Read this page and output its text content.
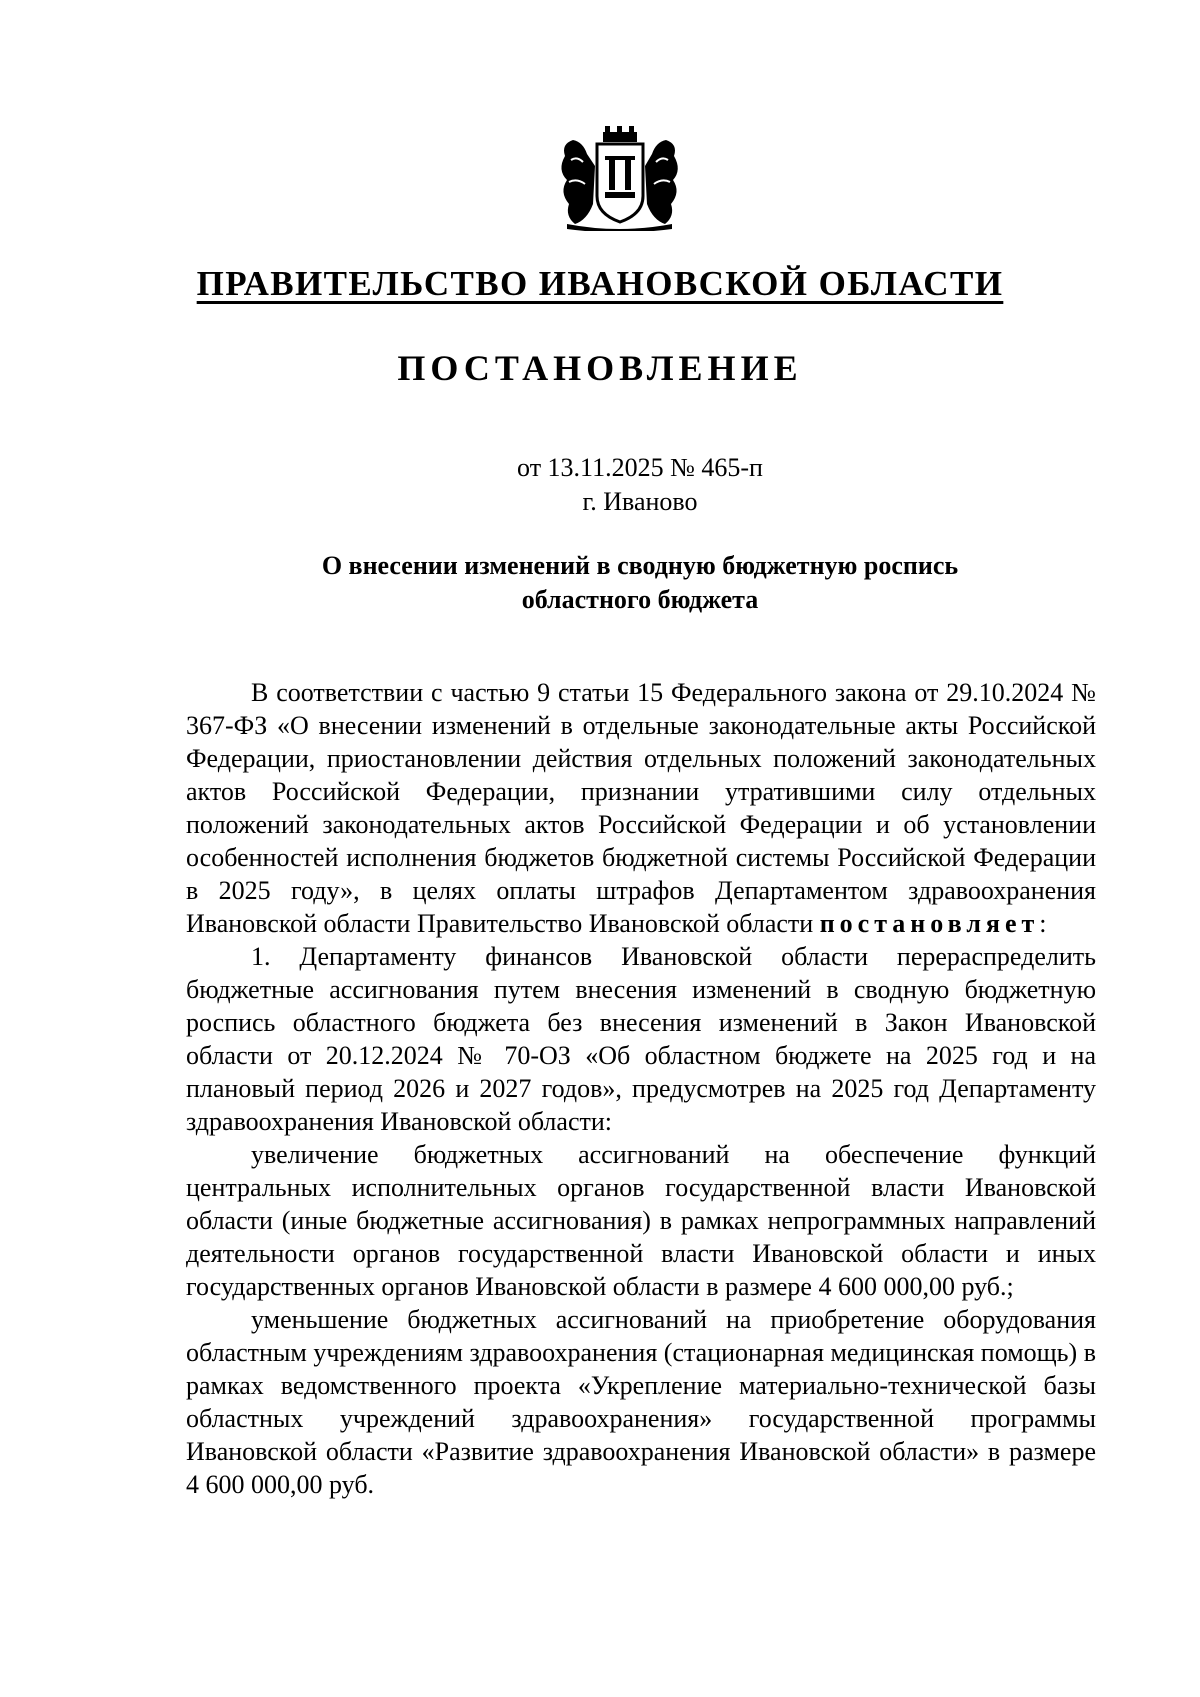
ПРАВИТЕЛЬСТВО ИВАНОВСКОЙ ОБЛАСТИ
ПОСТАНОВЛЕНИЕ
от 13.11.2025 № 465-п
г. Иваново
О внесении изменений в сводную бюджетную роспись
областного бюджета

В соответствии с частью 9 статьи 15 Федерального закона от 29.10.2024 № 367-ФЗ «О внесении изменений в отдельные законодательные акты Российской Федерации, приостановлении действия отдельных положений законодательных актов Российской Федерации, признании утратившими силу отдельных положений законодательных актов Российской Федерации и об установлении особенностей исполнения бюджетов бюджетной системы Российской Федерации в 2025 году», в целях оплаты штрафов Департаментом здравоохранения Ивановской области Правительство Ивановской области постановляет:

1. Департаменту финансов Ивановской области перераспределить бюджетные ассигнования путем внесения изменений в сводную бюджетную роспись областного бюджета без внесения изменений в Закон Ивановской области от 20.12.2024 № 70-ОЗ «Об областном бюджете на 2025 год и на плановый период 2026 и 2027 годов», предусмотрев на 2025 год Департаменту здравоохранения Ивановской области:

увеличение бюджетных ассигнований на обеспечение функций центральных исполнительных органов государственной власти Ивановской области (иные бюджетные ассигнования) в рамках непрограммных направлений деятельности органов государственной власти Ивановской области и иных государственных органов Ивановской области в размере 4 600 000,00 руб.;

уменьшение бюджетных ассигнований на приобретение оборудования областным учреждениям здравоохранения (стационарная медицинская помощь) в рамках ведомственного проекта «Укрепление материально-технической базы областных учреждений здравоохранения» государственной программы Ивановской области «Развитие здравоохранения Ивановской области» в размере 4 600 000,00 руб.
